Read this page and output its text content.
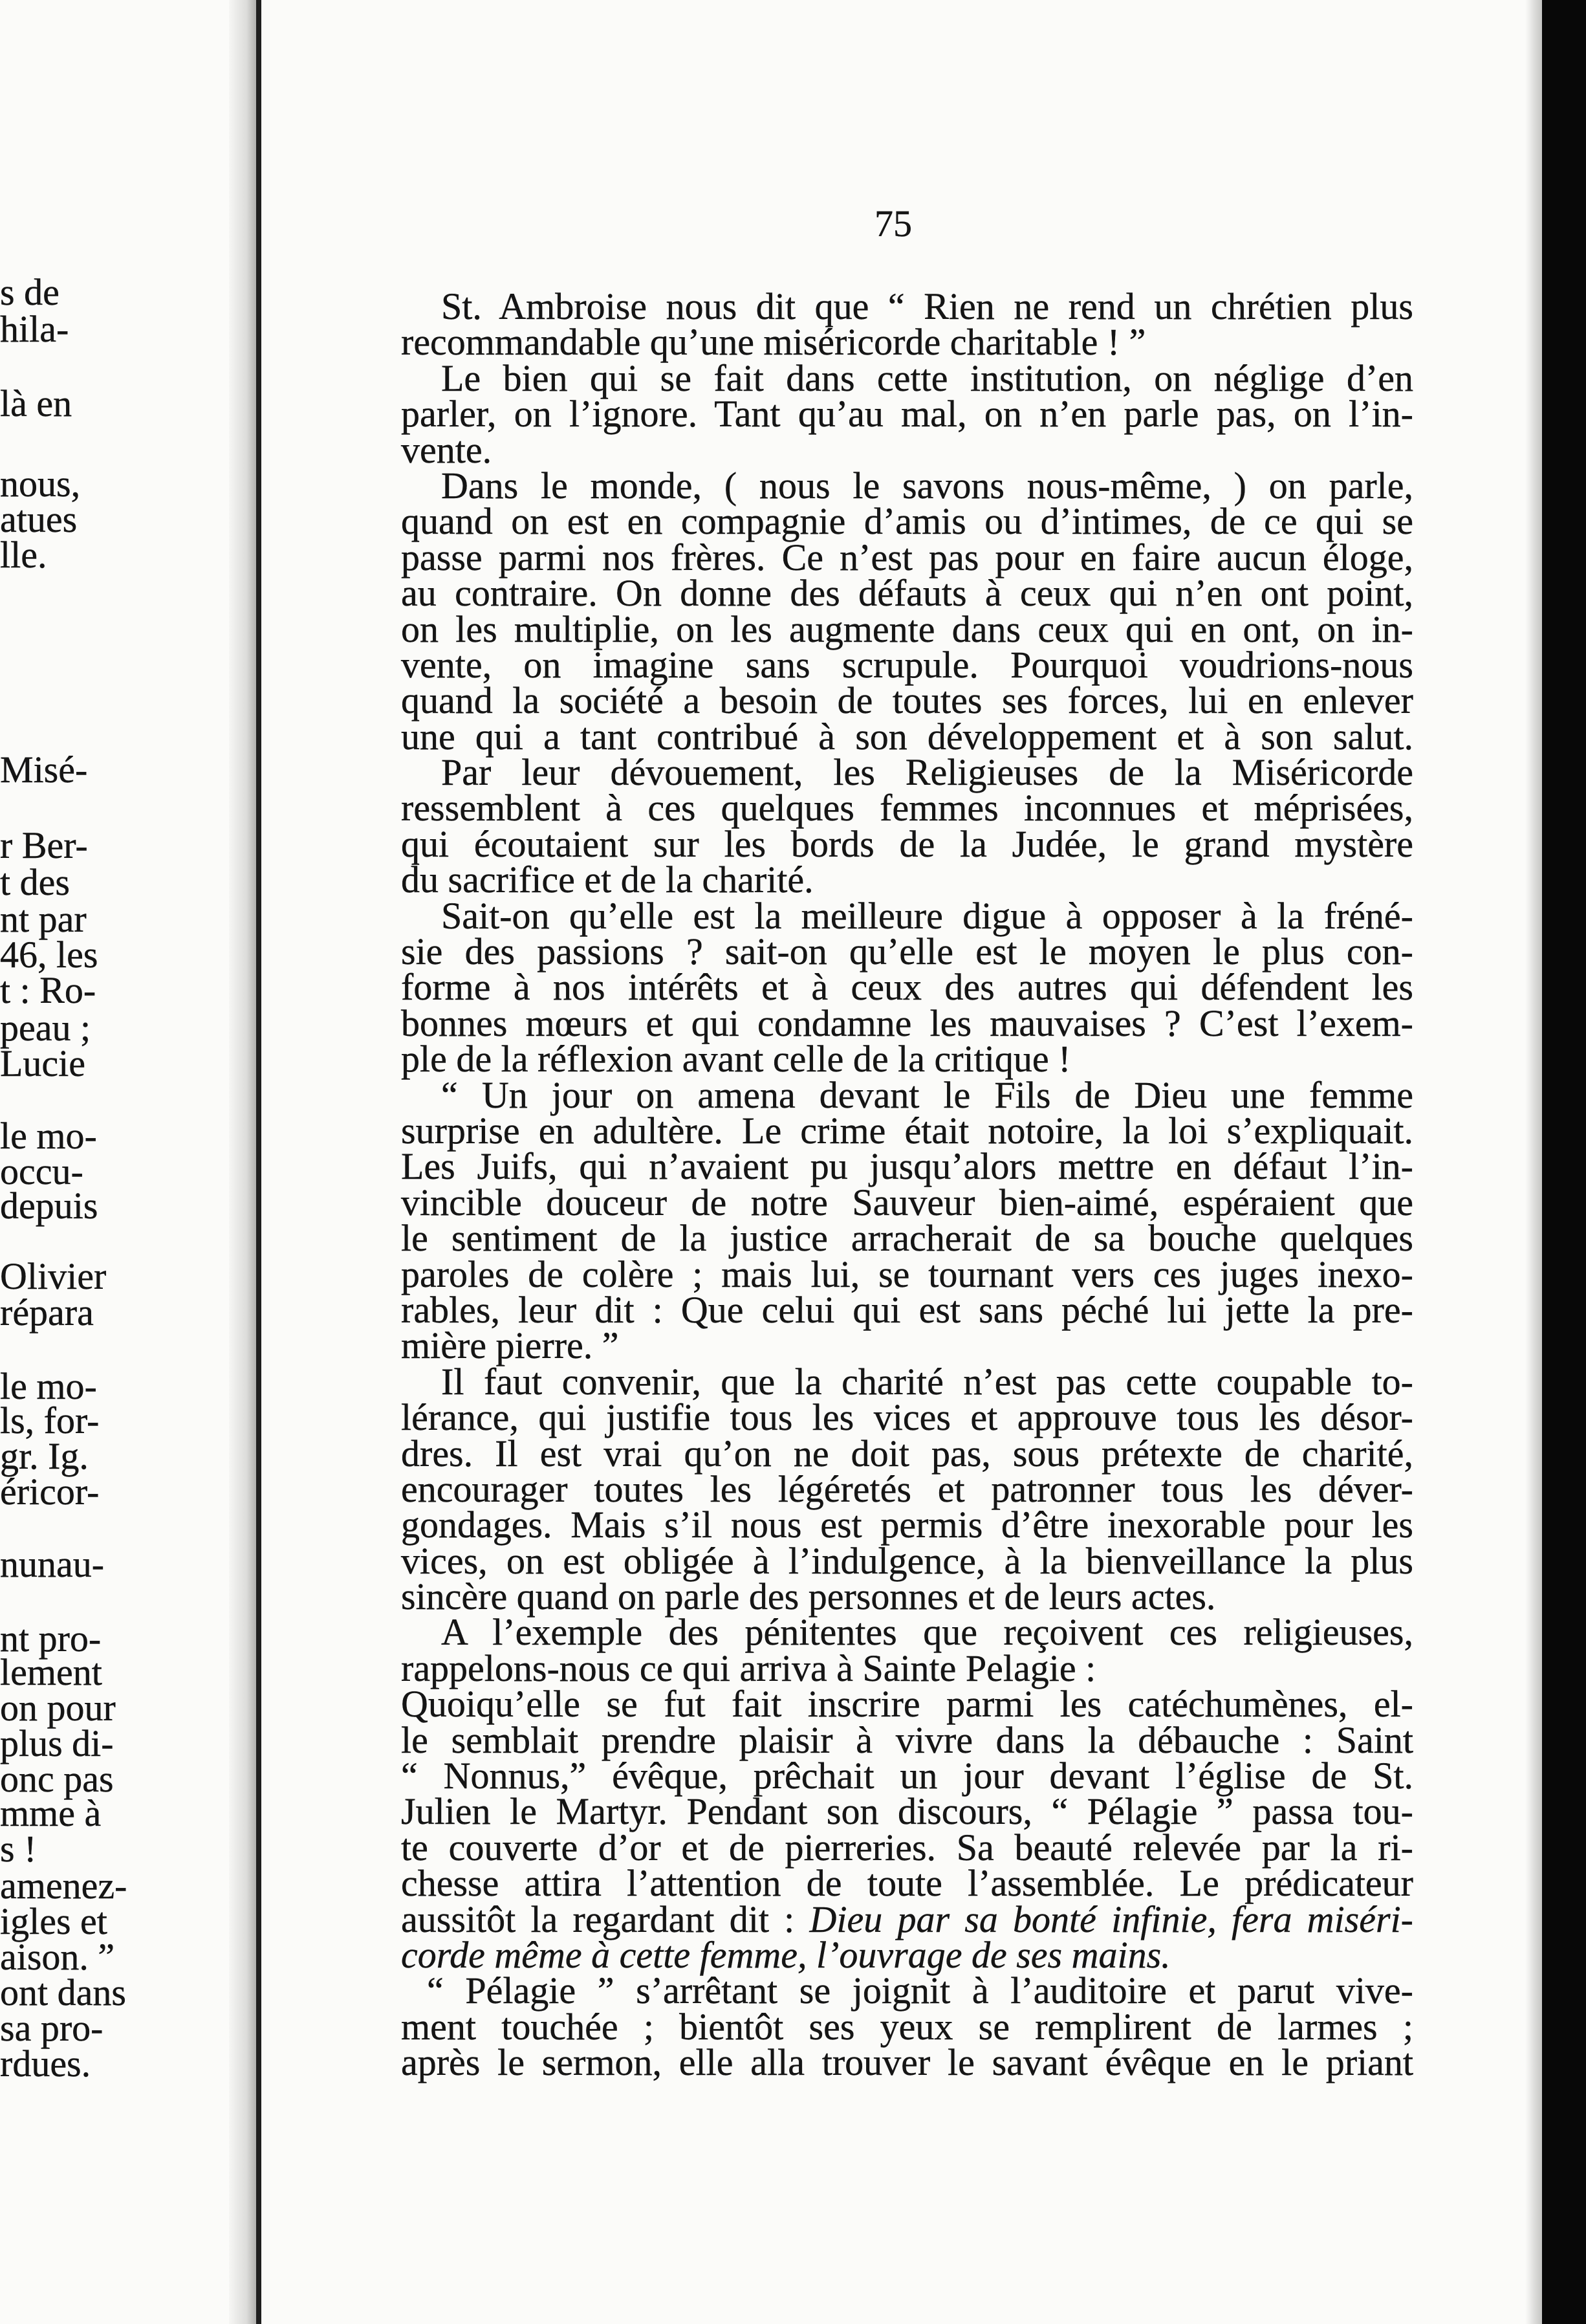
s de
hila-
là en
nous,
atues
lle.
Misé-
r Ber-
t des
nt par
46, les
t : Ro-
peau ;
Lucie
le mo-
occu-
depuis
Olivier
répara
le mo-
ls, for-
gr. Ig.
éricor-
nunau-
nt pro-
lement
on pour
plus di-
onc pas
mme à
s !
amenez-
igles et
aison. ”
ont dans
sa pro-
rdues.
75
St. Ambroise nous dit que “ Rien ne rend un chrétien plus
recommandable qu’une miséricorde charitable ! ”
Le bien qui se fait dans cette institution, on néglige d’en
parler, on l’ignore. Tant qu’au mal, on n’en parle pas, on l’in-
vente.
Dans le monde, ( nous le savons nous-même, ) on parle,
quand on est en compagnie d’amis ou d’intimes, de ce qui se
passe parmi nos frères. Ce n’est pas pour en faire aucun éloge,
au contraire. On donne des défauts à ceux qui n’en ont point,
on les multiplie, on les augmente dans ceux qui en ont, on in-
vente, on imagine sans scrupule. Pourquoi voudrions-nous
quand la société a besoin de toutes ses forces, lui en enlever
une qui a tant contribué à son développement et à son salut.
Par leur dévouement, les Religieuses de la Miséricorde
ressemblent à ces quelques femmes inconnues et méprisées,
qui écoutaient sur les bords de la Judée, le grand mystère
du sacrifice et de la charité.
Sait-on qu’elle est la meilleure digue à opposer à la fréné-
sie des passions ? sait-on qu’elle est le moyen le plus con-
forme à nos intérêts et à ceux des autres qui défendent les
bonnes mœurs et qui condamne les mauvaises ? C’est l’exem-
ple de la réflexion avant celle de la critique !
“ Un jour on amena devant le Fils de Dieu une femme
surprise en adultère. Le crime était notoire, la loi s’expliquait.
Les Juifs, qui n’avaient pu jusqu’alors mettre en défaut l’in-
vincible douceur de notre Sauveur bien-aimé, espéraient que
le sentiment de la justice arracherait de sa bouche quelques
paroles de colère ; mais lui, se tournant vers ces juges inexo-
rables, leur dit : Que celui qui est sans péché lui jette la pre-
mière pierre. ”
Il faut convenir, que la charité n’est pas cette coupable to-
lérance, qui justifie tous les vices et approuve tous les désor-
dres. Il est vrai qu’on ne doit pas, sous prétexte de charité,
encourager toutes les légéretés et patronner tous les déver-
gondages. Mais s’il nous est permis d’être inexorable pour les
vices, on est obligée à l’indulgence, à la bienveillance la plus
sincère quand on parle des personnes et de leurs actes.
A l’exemple des pénitentes que reçoivent ces religieuses,
rappelons-nous ce qui arriva à Sainte Pelagie :
Quoiqu’elle se fut fait inscrire parmi les catéchumènes, el-
le semblait prendre plaisir à vivre dans la débauche : Saint
“ Nonnus,” évêque, prêchait un jour devant l’église de St.
Julien le Martyr. Pendant son discours, “ Pélagie ” passa tou-
te couverte d’or et de pierreries. Sa beauté relevée par la ri-
chesse attira l’attention de toute l’assemblée. Le prédicateur
aussitôt la regardant dit : Dieu par sa bonté infinie, fera miséri-
corde même à cette femme, l’ouvrage de ses mains.
“ Pélagie ” s’arrêtant se joignit à l’auditoire et parut vive-
ment touchée ; bientôt ses yeux se remplirent de larmes ;
après le sermon, elle alla trouver le savant évêque en le priant
